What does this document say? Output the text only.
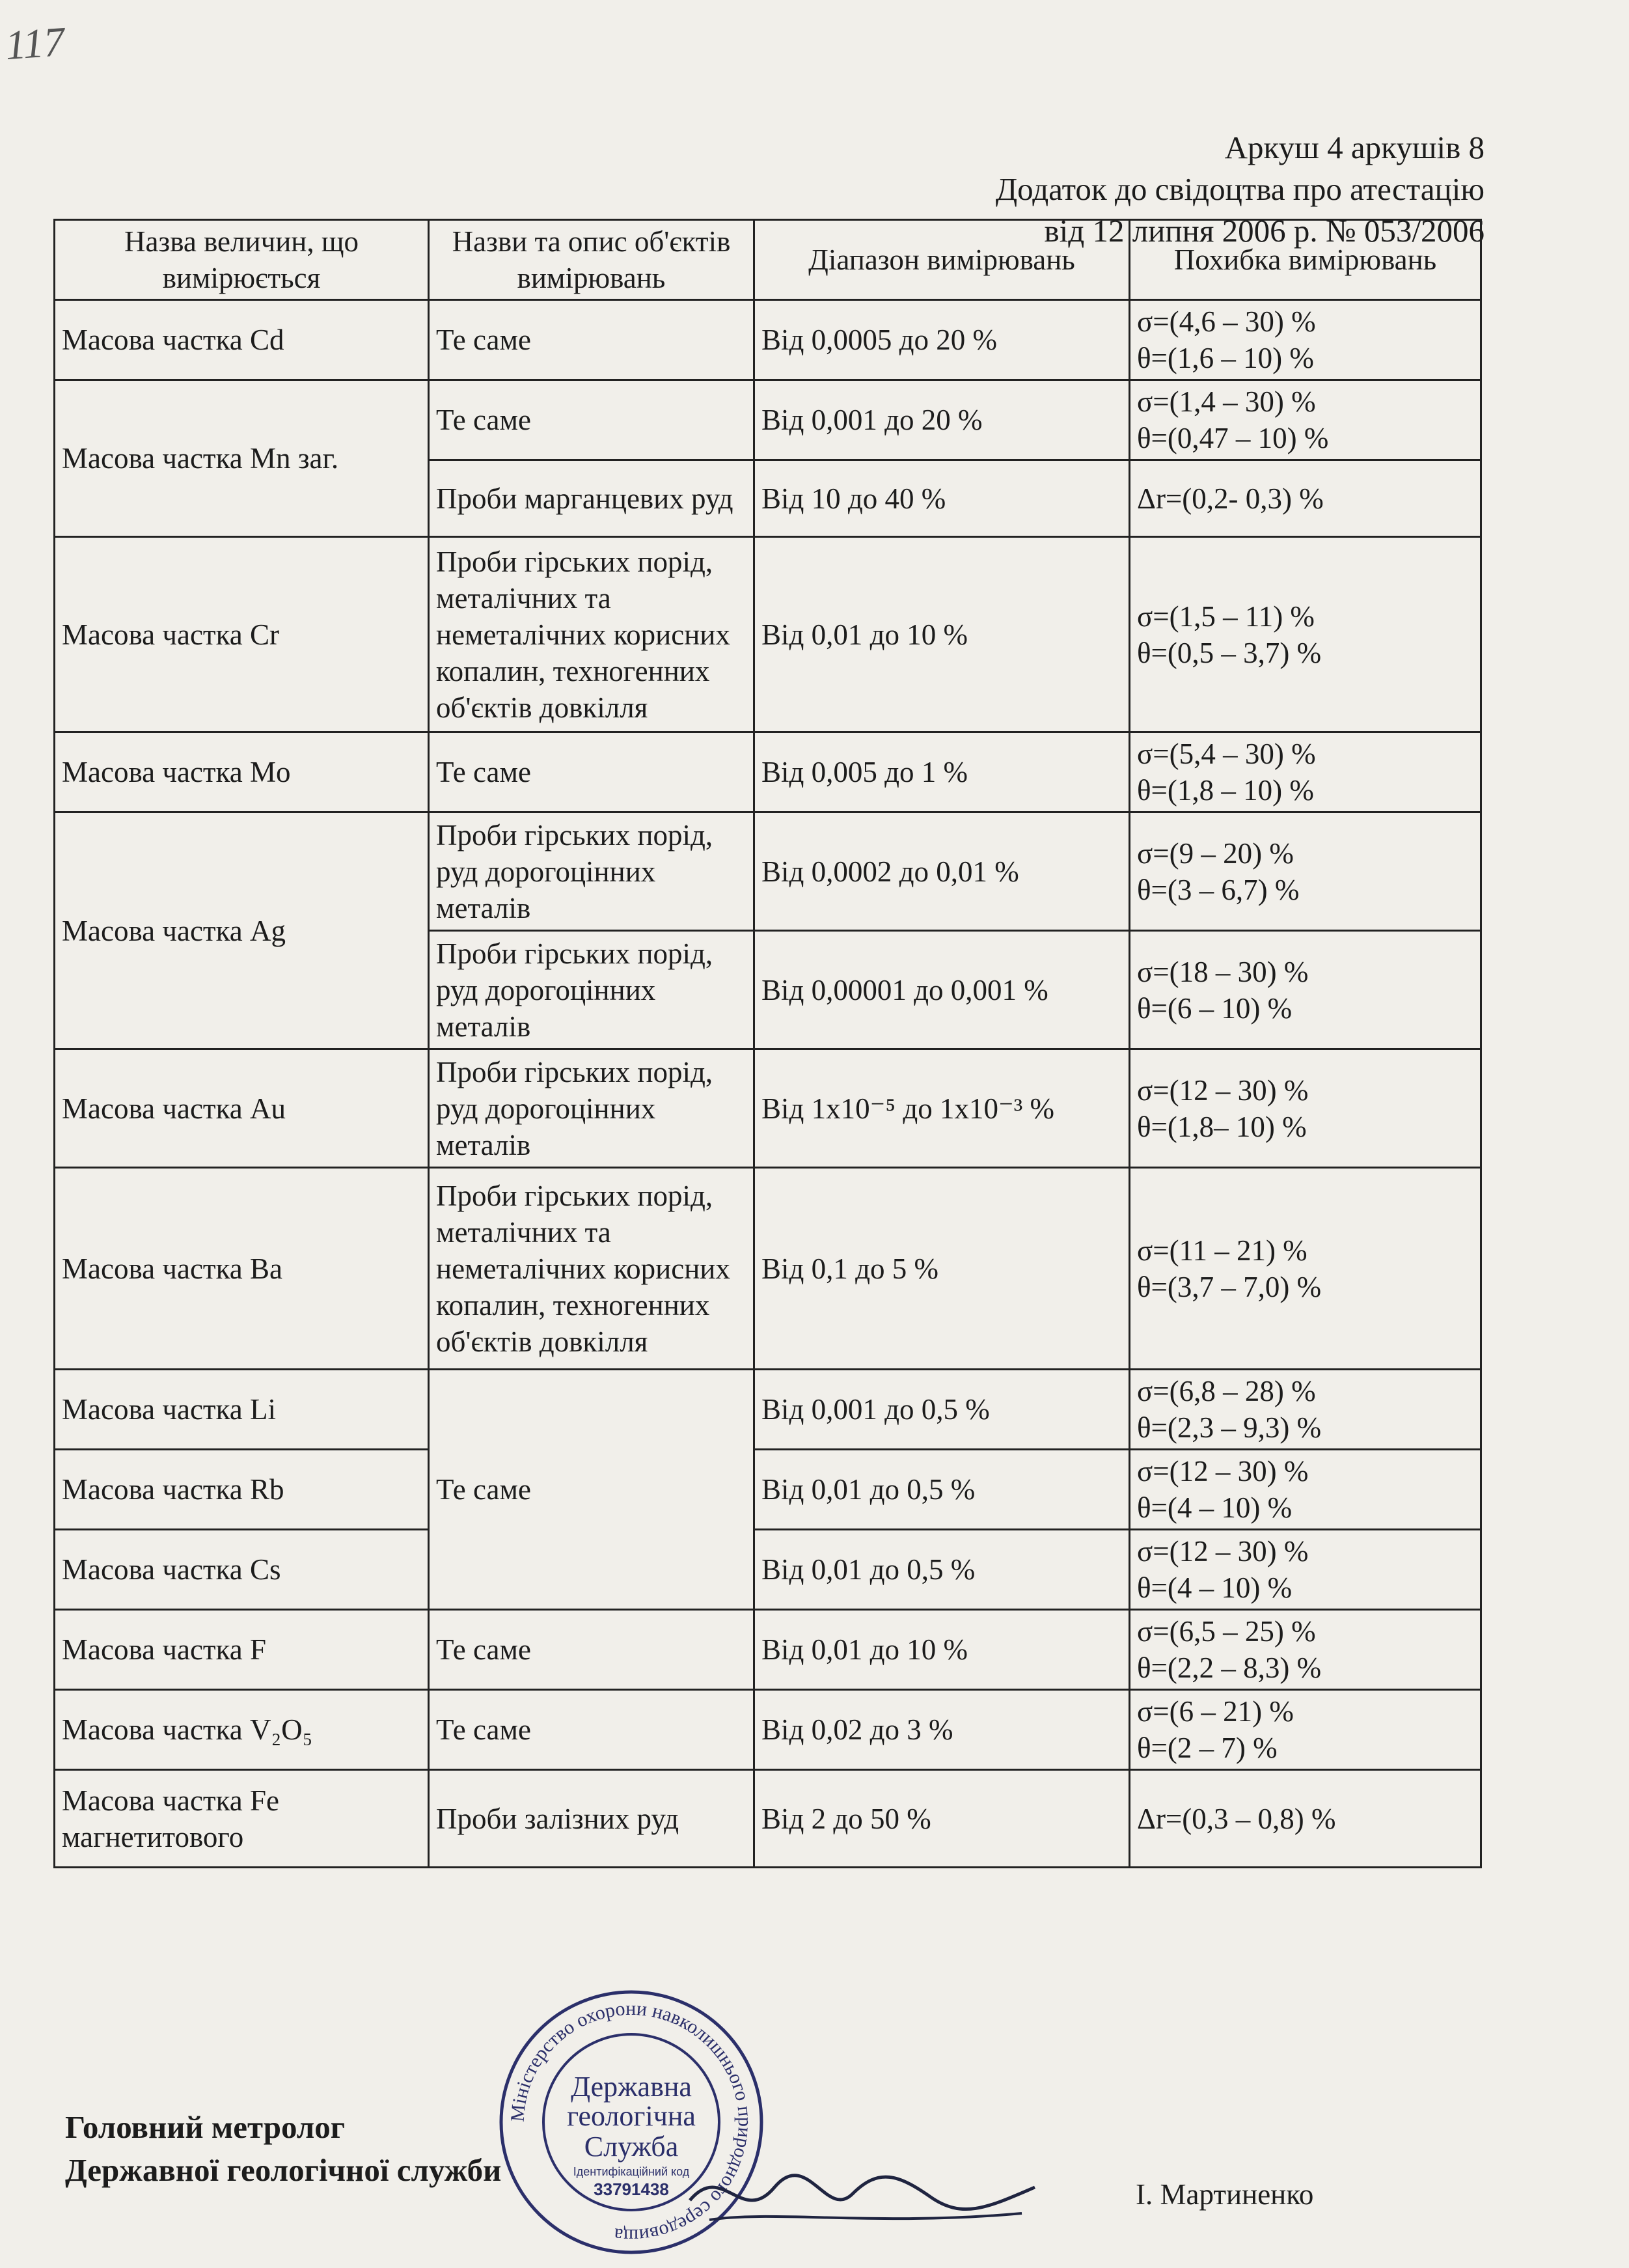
117
Аркуш 4 аркушів 8
Додаток до свідоцтва про атестацію
від 12 липня 2006 р. № 053/2006
Назва величин, що вимірюється	Назви та опис об'єктів вимірювань	Діапазон вимірювань	Похибка вимірювань
Масова частка Cd	Те саме	Від 0,0005 до 20 %	σ=(4,6 – 30) %
θ=(1,6 – 10) %
Масова частка Mn заг.	Те саме	Від 0,001 до 20 %	σ=(1,4 – 30) %
θ=(0,47 – 10) %
	Проби марганцевих руд	Від 10 до 40 %	Δr=(0,2- 0,3) %
Масова частка Cr	Проби гірських порід, металічних та неметалічних корисних копалин, техногенних об'єктів довкілля	Від 0,01 до 10 %	σ=(1,5 – 11) %
θ=(0,5 – 3,7) %
Масова частка Mo	Те саме	Від 0,005 до 1 %	σ=(5,4 – 30) %
θ=(1,8 – 10) %
Масова частка Ag	Проби гірських порід, руд дорогоцінних металів	Від 0,0002 до 0,01 %	σ=(9 – 20) %
θ=(3 – 6,7) %
	Проби гірських порід, руд дорогоцінних металів	Від 0,00001 до 0,001 %	σ=(18 – 30) %
θ=(6 – 10) %
Масова частка Au	Проби гірських порід, руд дорогоцінних металів	Від 1x10⁻⁵ до 1x10⁻³ %	σ=(12 – 30) %
θ=(1,8– 10) %
Масова частка Ba	Проби гірських порід, металічних та неметалічних корисних копалин, техногенних об'єктів довкілля	Від 0,1 до 5 %	σ=(11 – 21) %
θ=(3,7 – 7,0) %
Масова частка Li	Те саме	Від 0,001 до 0,5 %	σ=(6,8 – 28) %
θ=(2,3 – 9,3) %
Масова частка Rb		Від 0,01 до 0,5 %	σ=(12 – 30) %
θ=(4 – 10) %
Масова частка Cs		Від 0,01 до 0,5 %	σ=(12 – 30) %
θ=(4 – 10) %
Масова частка F	Те саме	Від 0,01 до 10 %	σ=(6,5 – 25) %
θ=(2,2 – 8,3) %
Масова частка V₂O₅	Те саме	Від 0,02 до 3 %	σ=(6 – 21) %
θ=(2 – 7) %
Масова частка Fe магнетитового	Проби залізних руд	Від 2 до 50 %	Δr=(0,3 – 0,8) %
Головний метролог
Державної геологічної служби
І. Мартиненко
Міністерство охорони навколишнього природного середовища
Державна
геологічна
Служба
Ідентифікаційний код
33791438
